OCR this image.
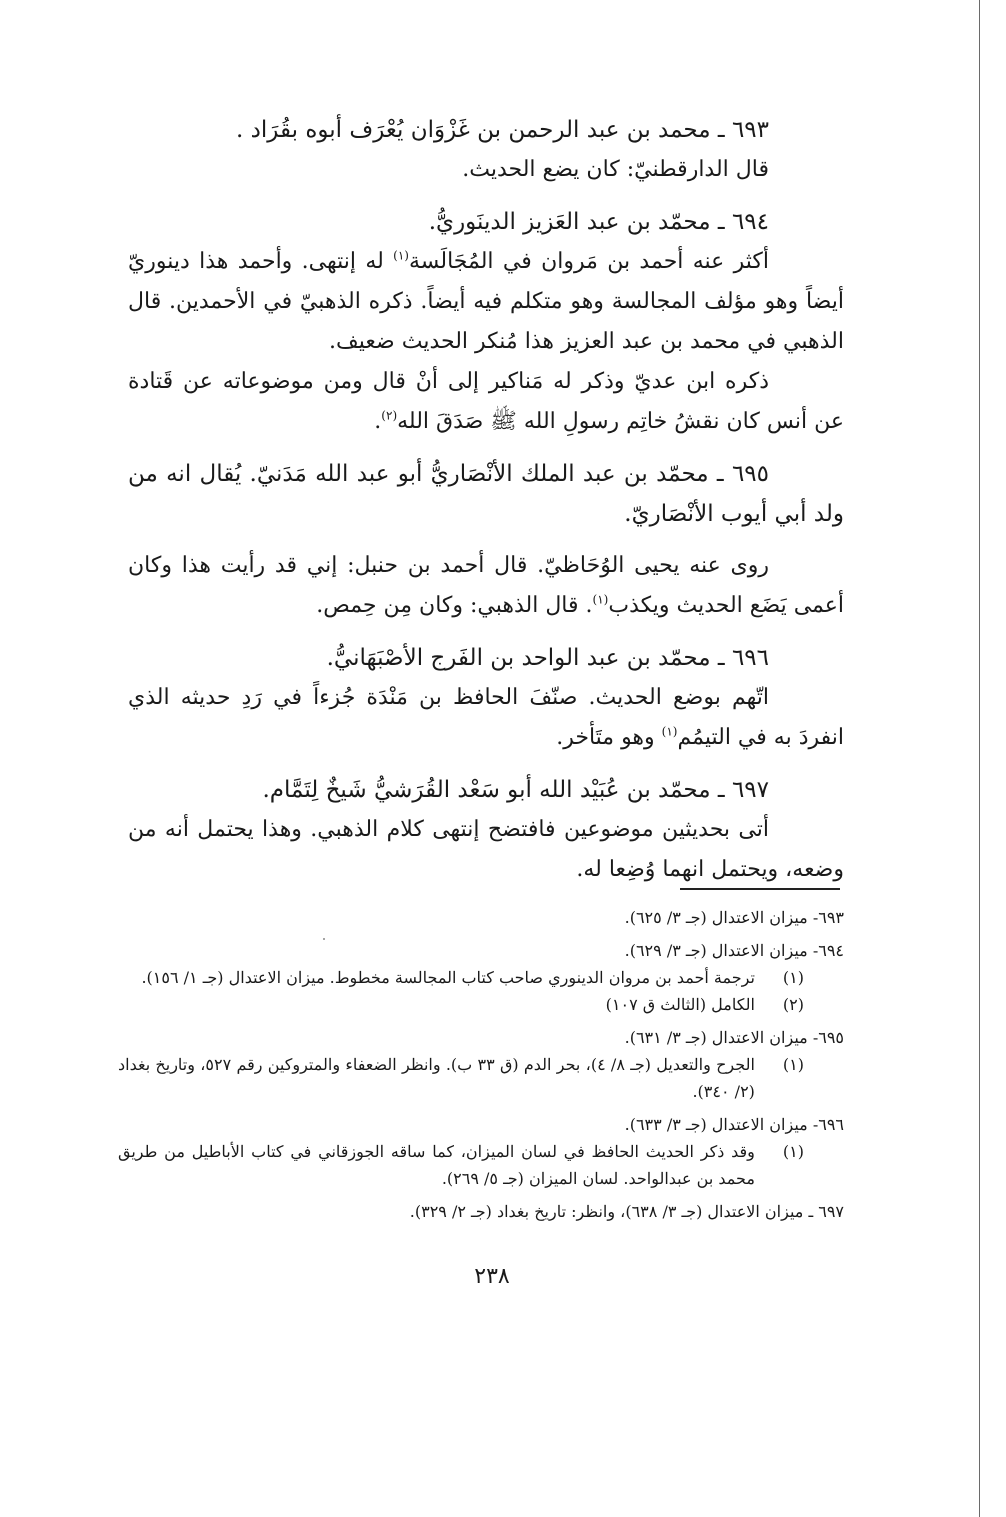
٦٩٣ ـ محمد بن عبد الرحمن بن غَزْوَان يُعْرَف أبوه بقُرَاد .

قال الدارقطنيّ: كان يضع الحديث.

٦٩٤ ـ محمّد بن عبد العَزيز الدينَوريُّ.

أكثر عنه أحمد بن مَروان في المُجَالَسة$^{(١)}$ له إنتهى. وأحمد هذا دينوريّ أيضاً وهو مؤلف المجالسة وهو متكلم فيه أيضاً. ذكره الذهبيّ في الأحمدين. قال الذهبي في محمد بن عبد العزيز هذا مُنكر الحديث ضعيف.

ذكره ابن عديّ وذكر له مَناكير إلى أنْ قال ومن موضوعاته عن قَتادة عن أنس كان نقشُ خاتِم رسولِ الله ﷺ صَدَقَ الله$^{(٢)}$.

٦٩٥ ـ محمّد بن عبد الملك الأنْصَاريُّ أبو عبد الله مَدَنيّ. يُقال انه من ولد أبي أيوب الأنْصَاريّ.

روى عنه يحيى الوُحَاظيّ. قال أحمد بن حنبل: إني قد رأيت هذا وكان أعمى يَضَع الحديث ويكذب$^{(١)}$. قال الذهبي: وكان مِن حِمص.

٦٩٦ ـ محمّد بن عبد الواحد بن الفَرج الأصْبَهَانيُّ.

اتّهم بوضع الحديث. صنّفَ الحافظ بن مَنْدَة جُزءاً في رَدِ حديثه الذي انفردَ به في التيمُم$^{(١)}$ وهو متَأخر.

٦٩٧ ـ محمّد بن عُبَيْد الله أبو سَعْد القُرَشيُّ شَيخٌ لِتَمَّام.

أتى بحديثين موضوعين فافتضح إنتهى كلام الذهبي. وهذا يحتمل أنه من وضعه، ويحتمل انهما وُضِعا له.

٦٩٣- ميزان الاعتدال (جـ ٣/ ٦٢٥).

٦٩٤- ميزان الاعتدال (جـ ٣/ ٦٢٩).

(١)
ترجمة أحمد بن مروان الدينوري صاحب كتاب المجالسة مخطوط. ميزان الاعتدال (جـ ١/ ١٥٦).

(٢)
الكامل (الثالث ق ١٠٧)

٦٩٥- ميزان الاعتدال (جـ ٣/ ٦٣١).

(١)
الجرح والتعديل (جـ ٨/ ٤)، بحر الدم (ق ٣٣ ب). وانظر الضعفاء والمتروكين رقم ٥٢٧، وتاريخ بغداد (٢/ ٣٤٠).

٦٩٦- ميزان الاعتدال (جـ ٣/ ٦٣٣).

(١)
وقد ذكر الحديث الحافظ في لسان الميزان، كما ساقه الجوزقاني في كتاب الأباطيل من طريق محمد بن عبدالواحد. لسان الميزان (جـ ٥/ ٢٦٩).

٦٩٧ ـ ميزان الاعتدال (جـ ٣/ ٦٣٨)، وانظر: تاريخ بغداد (جـ ٢/ ٣٢٩).

٢٣٨
